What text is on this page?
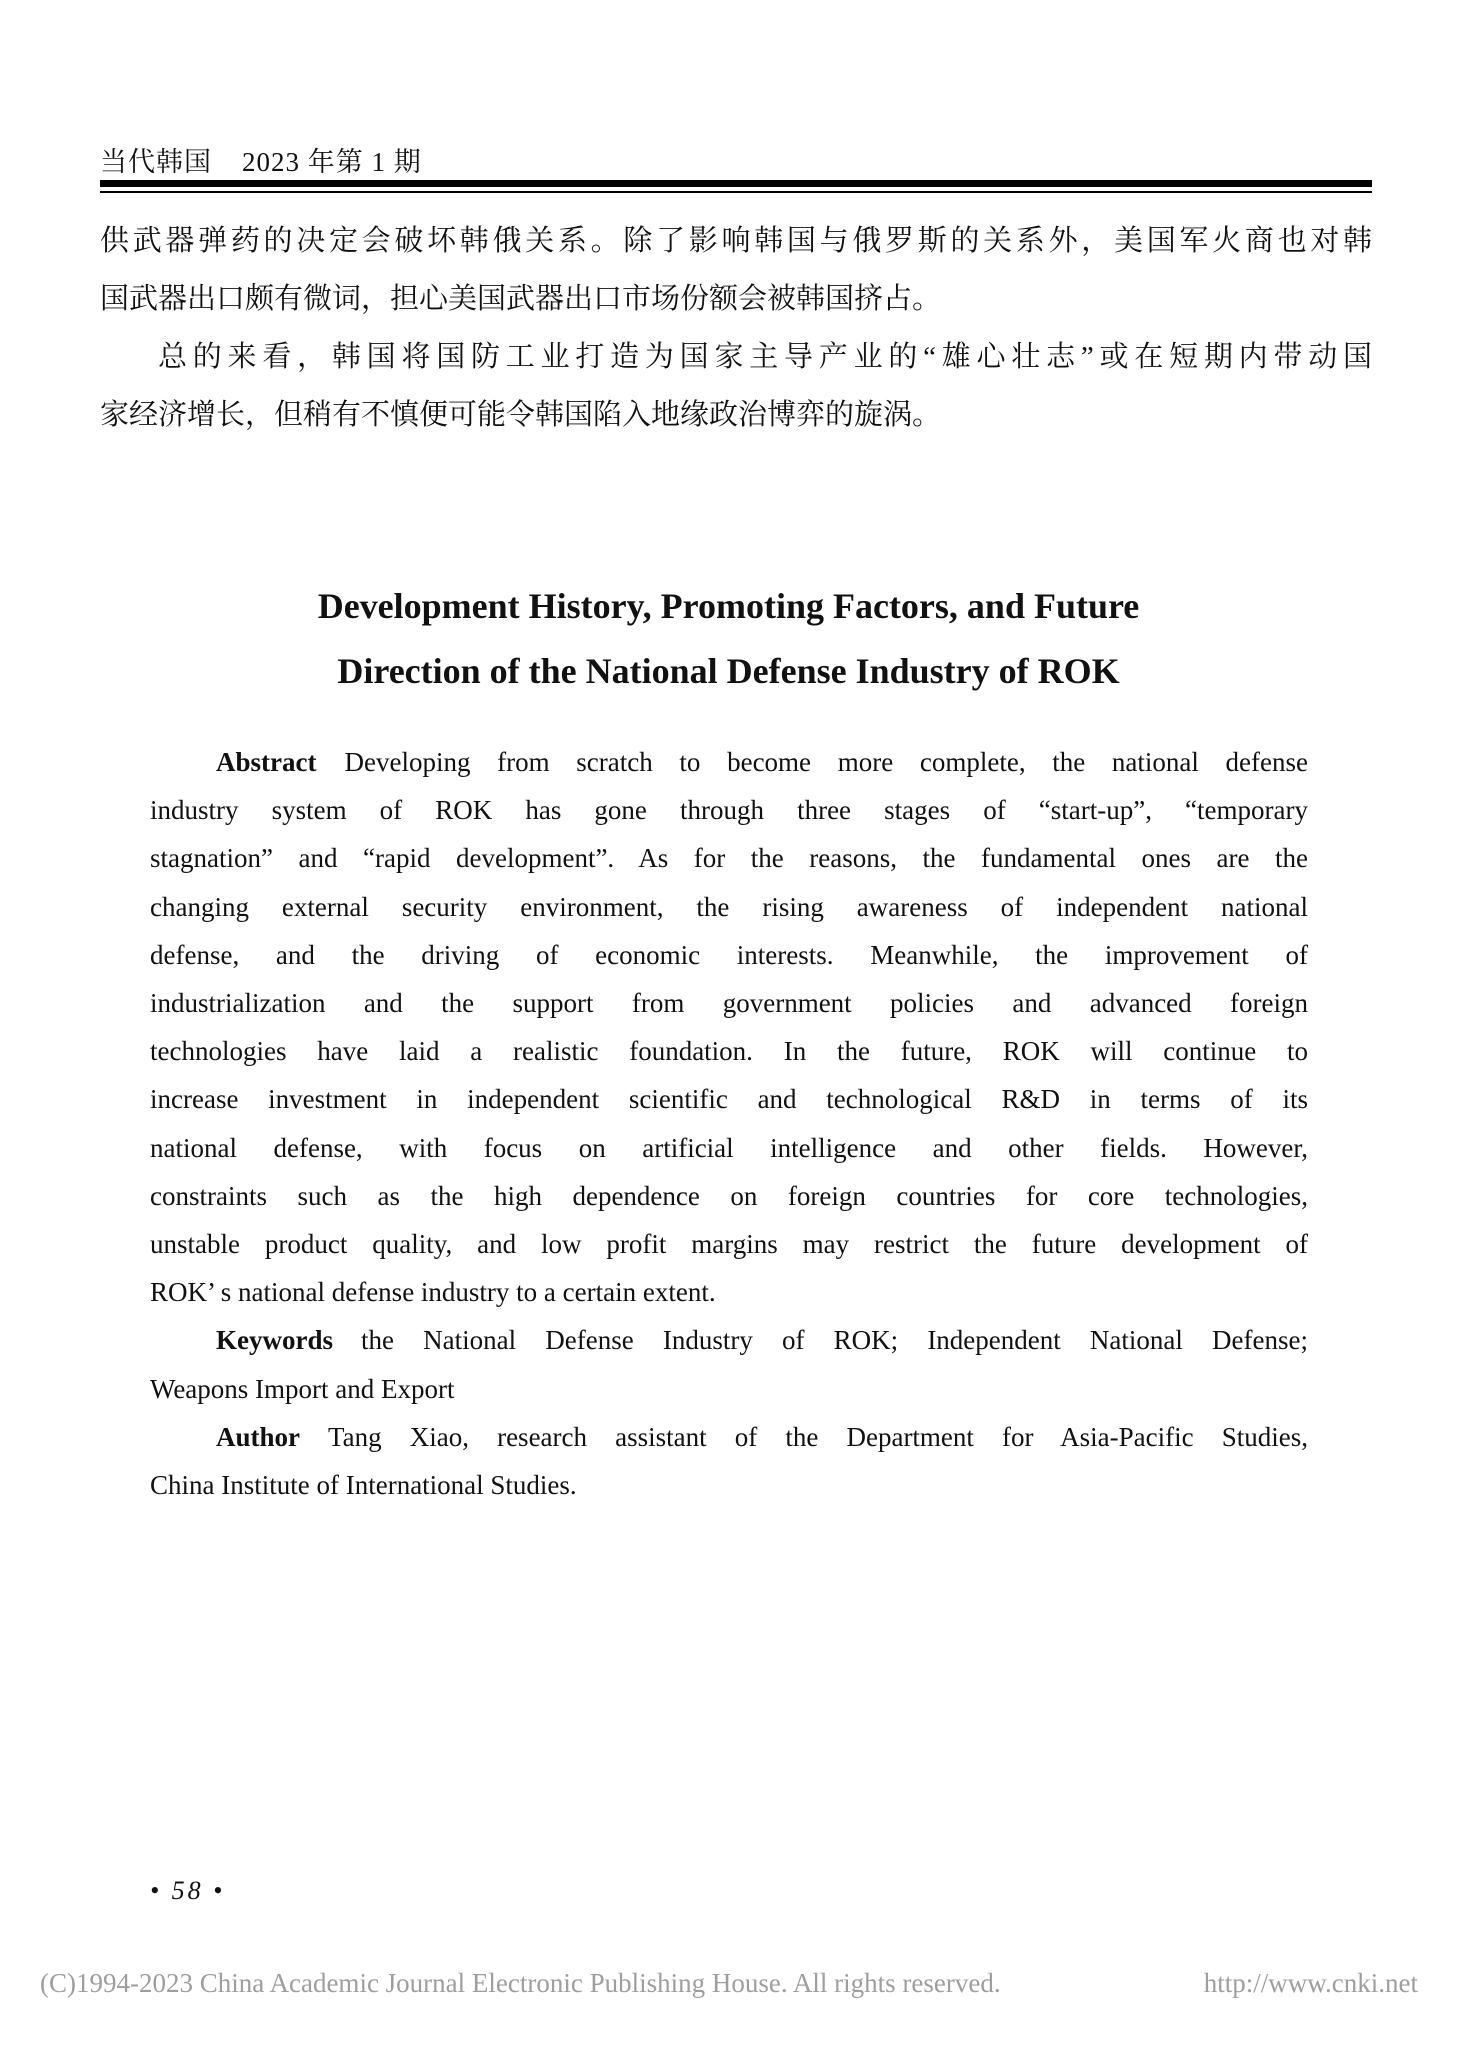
当代韩国 2023 年第 1 期
供武器弹药的决定会破坏韩俄关系。除了影响韩国与俄罗斯的关系外，美国军火商也对韩
国武器出口颇有微词，担心美国武器出口市场份额会被韩国挤占。
总的来看，韩国将国防工业打造为国家主导产业的“雄心壮志”或在短期内带动国
家经济增长，但稍有不慎便可能令韩国陷入地缘政治博弈的旋涡。
Development History, Promoting Factors, and Future
Direction of the National Defense Industry of ROK
Abstract Developing from scratch to become more complete, the national defense
industry system of ROK has gone through three stages of “start-up”, “temporary
stagnation” and “rapid development”. As for the reasons, the fundamental ones are the
changing external security environment, the rising awareness of independent national
defense, and the driving of economic interests. Meanwhile, the improvement of
industrialization and the support from government policies and advanced foreign
technologies have laid a realistic foundation. In the future, ROK will continue to
increase investment in independent scientific and technological R&D in terms of its
national defense, with focus on artificial intelligence and other fields. However,
constraints such as the high dependence on foreign countries for core technologies,
unstable product quality, and low profit margins may restrict the future development of
ROK’ s national defense industry to a certain extent.
Keywords the National Defense Industry of ROK; Independent National Defense;
Weapons Import and Export
Author Tang Xiao, research assistant of the Department for Asia-Pacific Studies,
China Institute of International Studies.
• 58 •
(C)1994-2023 China Academic Journal Electronic Publishing House. All rights reserved.	http://www.cnki.net
